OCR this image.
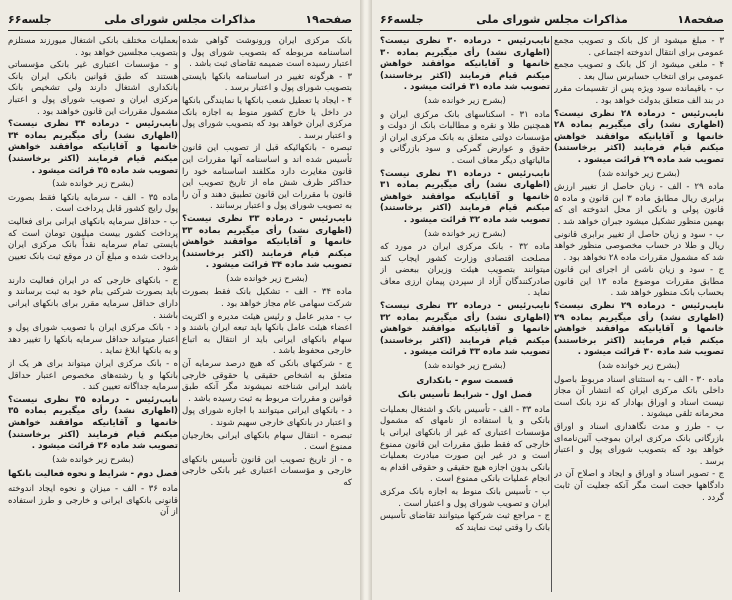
صفحه۱۹
مذاکرات مجلس شورای ملی
جلسه۶۶

بانک مرکزی ایران ورونوشت گواهی شده اساسنامه مربوطه که بتصویب شورای پول و اعتبار رسیده است ضمیمه تقاضای ثبت باشد .

۳ - هرگونه تغییر در اساسنامه بانکها بایستی بتصویب شورای پول و اعتبار برسد .

۴ - ایجاد یا تعطیل شعب بانکها یا نمایندگی بانکها در داخل یا خارج کشور منوط به اجازه بانک مرکزی ایران خواهد بود که بتصویب شورای پول و اعتبار برسد .

تبصره - بانکهائیکه قبل از تصویب این قانون تأسیس شده اند و اساسنامه آنها مقررات این قانون مغایرت دارد مکلفند اساسنامه خود را حداکثر ظرف شش ماه از تاریخ تصویب این قانون با مقررات این قانون تطبیق دهند و آن را به تصویب شورای پول و اعتبار برسانند .

نایب‌رئیس - درماده ۳۳ نظری نیست؟ (اظهاری نشد) رأی میگیریم بماده ۳۳ خانمها و آقایانیکه موافقند خواهش میکنم قیام فرمایند (اکثر برخاستند) تصویب شد ماده ۳۴ قرائت میشود .

(بشرح زیر خوانده شد)

ماده ۳۴ - الف - تشکیل بانک فقط بصورت شرکت سهامی عام مجاز خواهد بود .

ب - مدیر عامل و رئیس هیئت مدیره و اکثریت اعضاء هیئت عامل بانکها باید تبعه ایران باشند و سهام بانکهای ایرانی باید از انتقال به اتباع خارجی محفوظ باشد .

ج - شرکتهای بانکی که هیچ درصد سرمایه آن متعلق به اشخاص حقیقی یا حقوقی خارجی باشد ایرانی شناخته نمیشوند مگر آنکه طبق قوانین و مقررات مربوط به ثبت رسیده باشد .

د - بانکهای ایرانی میتوانند با اجازه شورای پول و اعتبار در بانکهای خارجی سهیم شوند .

تبصره - انتقال سهام بانکهای ایرانی بخارجیان ممنوع است .

ه - از تاریخ تصویب این قانون تأسیس بانکهای خارجی و مؤسسات اعتباری غیر بانکی خارجی که

بعملیات مختلف بانکی اشتغال میورزند مستلزم بتصویب مجلسین خواهد بود .

و - مؤسسات اعتباری غیر بانکی مؤسساتی هستند که طبق قوانین بانکی ایران بانک بانکداری اشتغال دارند ولی تشخیص بانک مرکزی ایران و تصویب شورای پول و اعتبار مشمول مقررات این قانون خواهند بود .

نایب‌رئیس - درماده ۳۴ نظری نیست؟ (اظهاری نشد) رأی میگیریم بماده ۳۴ خانمها و آقایانیکه موافقند خواهش میکنم قیام فرمایند (اکثر برخاستند) تصویب شد ماده ۳۵ قرائت میشود .

(بشرح زیر خوانده شد)

ماده ۳۵ - الف - سرمایه بانکها فقط بصورت پول رایج کشور قابل پرداخت است .

ب - حداقل سرمایه بانکهای ایرانی برای فعالیت پرداخت کشور بیست میلیون تومان است که بایستی تمام سرمایه نقداً بانک مرکزی ایران پرداخت شده و مبلغ آن در موقع ثبت بانک تعیین شود .

ج - بانکهای خارجی که در ایران فعالیت دارند باید بصورت شرکتی بنام خود به ثبت برسانند و دارای حداقل سرمایه مقرر برای بانکهای ایرانی باشند .

د - بانک مرکزی ایران با تصویب شورای پول و اعتبار میتواند حداقل سرمایه بانکها را تغییر دهد و به بانکها ابلاغ نماید .

ه - بانک مرکزی ایران میتواند برای هر یک از بانکها و یا رشته‌های مخصوص اعتبار حداقل سرمایه جداگانه تعیین کند .

نایب‌رئیس - درماده ۳۵ نظری نیست؟ (اظهاری نشد) رأی میگیریم بماده ۳۵ خانمها و آقایانیکه موافقند خواهش میکنم قیام فرمایند (اکثر برخاستند) تصویب شد ماده ۳۶ قرائت میشود .

(بشرح زیر خوانده شد)

فصل دوم - شرایط و نحوه فعالیت بانکها

ماده ۳۶ - الف - میزان و نحوه ایجاد اندوخته قانونی بانکهای ایرانی و خارجی و طرز استفاده از آن

صفحه۱۸
مذاکرات مجلس شورای ملی
جلسه۶۶

۳ - مبلغ میشود از کل بانک و تصویب مجمع عمومی برای انتقال اندوخته اجتماعی .

۴ - ملغی میشود از کل بانک و تصویب مجمع عمومی برای انتخاب حسابرس سال بعد .

ب - باقیمانده سود ویژه پس از تقسیمات مقرر در بند الف متعلق بدولت خواهد بود .

نایب‌رئیس - درماده ۲۸ نظری نیست؟ (اظهاری نشد) رأی میگیریم بماده ۲۸ خانمها و آقایانیکه موافقند خواهش میکنم قیام فرمایند (اکثر برخاستند) تصویب شد ماده ۲۹ قرائت میشود .

(بشرح زیر خوانده شد)

ماده ۲۹ - الف - زیان حاصل از تغییر ارزش برابری ریال مطابق ماده ۳ این قانون و ماده ۵ قانون پولی و بانکی از محل اندوخته ای که بهمین منظور تشکیل میشود جبران خواهد شد .

ب - سود و زیان حاصل از تغییر برابری قانونی ریال و طلا در حساب مخصوصی منظور خواهد شد که مشمول مقررات ماده ۲۸ نخواهد بود .

ج - سود و زیان ناشی از اجرای این قانون مطابق مقررات موضوع ماده ۱۳ این قانون بحساب بانک منظور خواهد شد .

نایب‌رئیس - درماده ۲۹ نظری نیست؟ (اظهاری نشد) رأی میگیریم بماده ۲۹ خانمها و آقایانیکه موافقند خواهش میکنم قیام فرمایند (اکثر برخاستند) تصویب شد ماده ۳۰ قرائت میشود .

(بشرح زیر خوانده شد)

ماده ۳۰ - الف - به استثنای اسناد مربوط باصول داخلی بانک مرکزی ایران که انتشار آن مجاز نیست اسناد و اوراق بهادار که نزد بانک است محرمانه تلقی میشوند .

ب - طرز و مدت نگاهداری اسناد و اوراق بازرگانی بانک مرکزی ایران بموجب آئین‌نامه‌ای خواهد بود که بتصویب شورای پول و اعتبار برسد .

ج - تصویر اسناد و اوراق و ایجاد و اصلاح آن در دادگاهها حجت است مگر آنکه جعلیت آن ثابت گردد .

نایب‌رئیس - درماده ۳۰ نظری نیست؟ (اظهاری نشد) رأی میگیریم بماده ۳۰ خانمها و آقایانیکه موافقند خواهش میکنم قیام فرمایند (اکثر برخاستند) تصویب شد ماده ۳۱ قرائت میشود .

(بشرح زیر خوانده شد)

ماده ۳۱ - اسکناسهای بانک مرکزی ایران و همچنین طلا و نقره و مطالبات بانک از دولت و مؤسسات دولتی متعلق به بانک مرکزی ایران از حقوق و عوارض گمرکی و سود بازرگانی و مالیاتهای دیگر معاف است .

نایب‌رئیس - درماده ۳۱ نظری نیست؟ (اظهاری نشد) رأی میگیریم بماده ۳۱ خانمها و آقایانیکه موافقند خواهش میکنم قیام فرمایند (اکثر برخاستند) تصویب شد ماده ۳۲ قرائت میشود .

(بشرح زیر خوانده شد)

ماده ۳۲ - بانک مرکزی ایران در مورد که مصلحت اقتصادی وزارت کشور ایجاب کند میتوانند بتصویب هیئت وزیران ببعضی از صادرکنندگان آزاد از سپردن پیمان ارزی معاف نماید .

نایب‌رئیس - درماده ۳۲ نظری نیست؟ (اظهاری نشد) رأی میگیریم بماده ۳۲ خانمها و آقایانیکه موافقند خواهش میکنم قیام فرمایند (اکثر برخاستند) تصویب شد ماده ۳۳ قرائت میشود .

(بشرح زیر خوانده شد)

قسمت سوم - بانکداری

فصل اول - شرایط تأسیس بانک

ماده ۳۳ - الف - تأسیس بانک و اشتغال بعملیات بانکی و یا استفاده از نامهای که مشمول مؤسسات اعتباری که غیر از بانکهای ایرانی یا خارجی که فقط طبق مقررات این قانون ممنوع است و در غیر این صورت مبادرت بعملیات بانکی بدون اجازه هیچ حقیقی و حقوقی اقدام به انجام عملیات بانکی ممنوع است .

ب - تأسیس بانک منوط به اجازه بانک مرکزی ایران و تصویب شورای پول و اعتبار است .

ج - مراجع ثبت شرکتها میتوانند تقاضای تأسیس بانک را وقتی ثبت نمایند که
